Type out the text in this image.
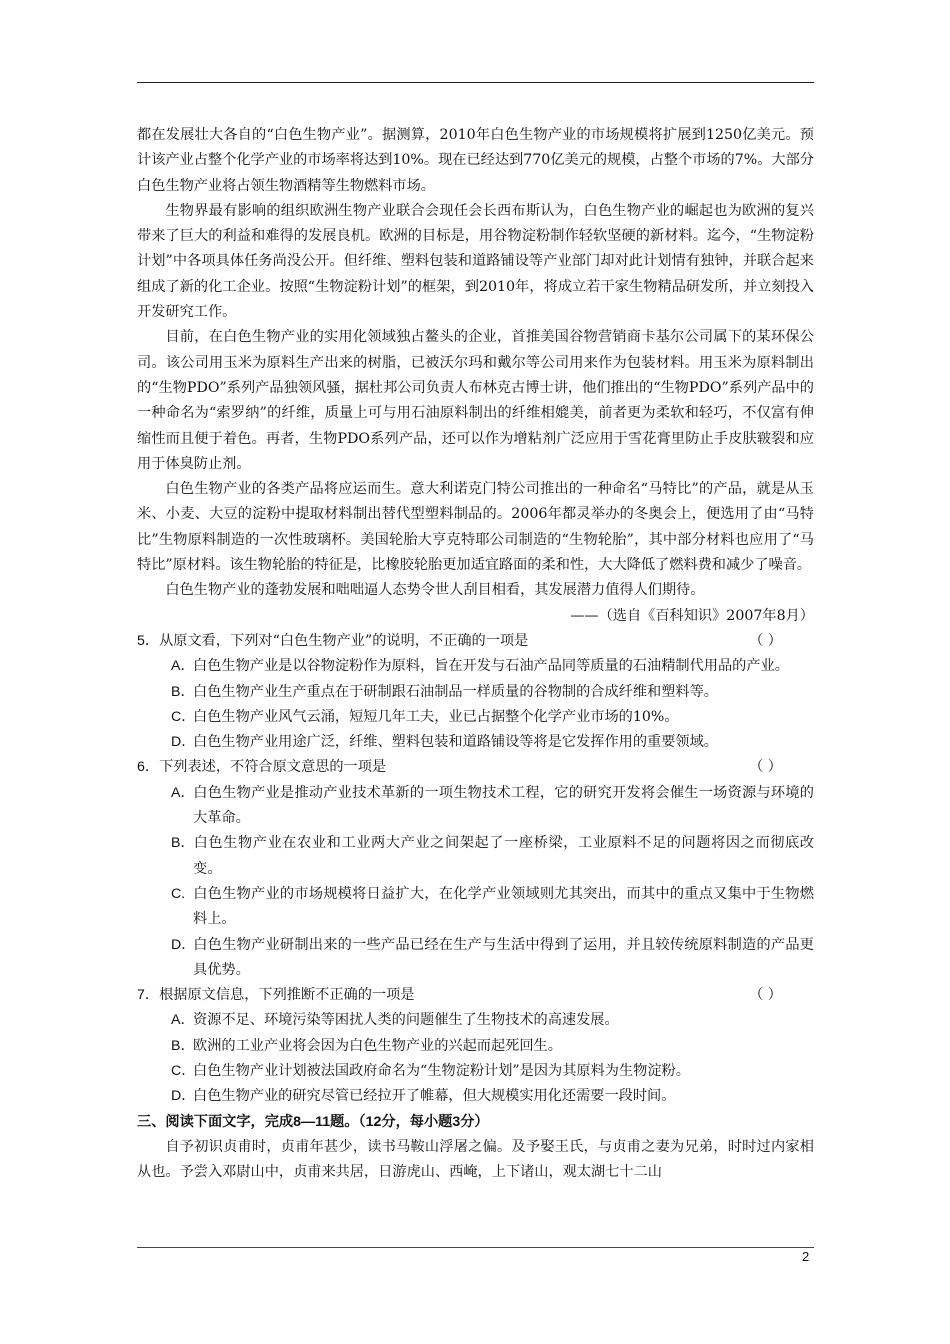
都在发展壮大各自的“白色生物产业”。据测算，2010年白色生物产业的市场规模将扩展到1250亿美元。预计该产业占整个化学产业的市场率将达到10%。现在已经达到770亿美元的规模，占整个市场的7%。大部分白色生物产业将占领生物酒精等生物燃料市场。

生物界最有影响的组织欧洲生物产业联合会现任会长西布斯认为，白色生物产业的崛起也为欧洲的复兴带来了巨大的利益和难得的发展良机。欧洲的目标是，用谷物淀粉制作轻软坚硬的新材料。迄今，“生物淀粉计划”中各项具体任务尚没公开。但纤维、塑料包装和道路铺设等产业部门却对此计划情有独钟，并联合起来组成了新的化工企业。按照“生物淀粉计划”的框架，到2010年，将成立若干家生物精品研发所，并立刻投入开发研究工作。

目前，在白色生物产业的实用化领域独占鳌头的企业，首推美国谷物营销商卡基尔公司属下的某环保公司。该公司用玉米为原料生产出来的树脂，已被沃尔玛和戴尔等公司用来作为包装材料。用玉米为原料制出的“生物PDO”系列产品独领风骚，据杜邦公司负责人布林克古博士讲，他们推出的“生物PDO”系列产品中的一种命名为“索罗纳”的纤维，质量上可与用石油原料制出的纤维相媲美，前者更为柔软和轻巧，不仅富有伸缩性而且便于着色。再者，生物PDO系列产品，还可以作为增粘剂广泛应用于雪花膏里防止手皮肤皲裂和应用于体臭防止剂。

白色生物产业的各类产品将应运而生。意大利诺克门特公司推出的一种命名“马特比”的产品，就是从玉米、小麦、大豆的淀粉中提取材料制出替代型塑料制品的。2006年都灵举办的冬奥会上，便选用了由“马特比”生物原料制造的一次性玻璃杯。美国轮胎大亨克特耶公司制造的“生物轮胎”，其中部分材料也应用了“马特比”原材料。该生物轮胎的特征是，比橡胶轮胎更加适宜路面的柔和性，大大降低了燃料费和减少了噪音。

白色生物产业的蓬勃发展和咄咄逼人态势令世人刮目相看，其发展潜力值得人们期待。

——（选自《百科知识》2007年8月）

5．从原文看，下列对“白色生物产业”的说明，不正确的一项是	（ ）

A．白色生物产业是以谷物淀粉作为原料，旨在开发与石油产品同等质量的石油精制代用品的产业。

B．白色生物产业生产重点在于研制跟石油制品一样质量的谷物制的合成纤维和塑料等。

C．白色生物产业风气云涌，短短几年工夫，业已占据整个化学产业市场的10%。

D．白色生物产业用途广泛，纤维、塑料包装和道路铺设等将是它发挥作用的重要领域。

6．下列表述，不符合原文意思的一项是	（ ）

A．白色生物产业是推动产业技术革新的一项生物技术工程，它的研究开发将会催生一场资源与环境的大革命。

B．白色生物产业在农业和工业两大产业之间架起了一座桥梁，工业原料不足的问题将因之而彻底改变。

C. 白色生物产业的市场规模将日益扩大，在化学产业领域则尤其突出，而其中的重点又集中于生物燃料上。

D．白色生物产业研制出来的一些产品已经在生产与生活中得到了运用，并且较传统原料制造的产品更具优势。

7．根据原文信息，下列推断不正确的一项是	（ ）

A．资源不足、环境污染等困扰人类的问题催生了生物技术的高速发展。

B．欧洲的工业产业将会因为白色生物产业的兴起而起死回生。

C．白色生物产业计划被法国政府命名为“生物淀粉计划”是因为其原料为生物淀粉。

D．白色生物产业的研究尽管已经拉开了帷幕，但大规模实用化还需要一段时间。

三、阅读下面文字，完成8—11题。（12分，每小题3分）

自予初识贞甫时，贞甫年甚少，读书马鞍山浮屠之偏。及予娶王氏，与贞甫之妻为兄弟，时时过内家相从也。予尝入邓尉山中，贞甫来共居，日游虎山、西崦，上下诸山，观太湖七十二山

2
